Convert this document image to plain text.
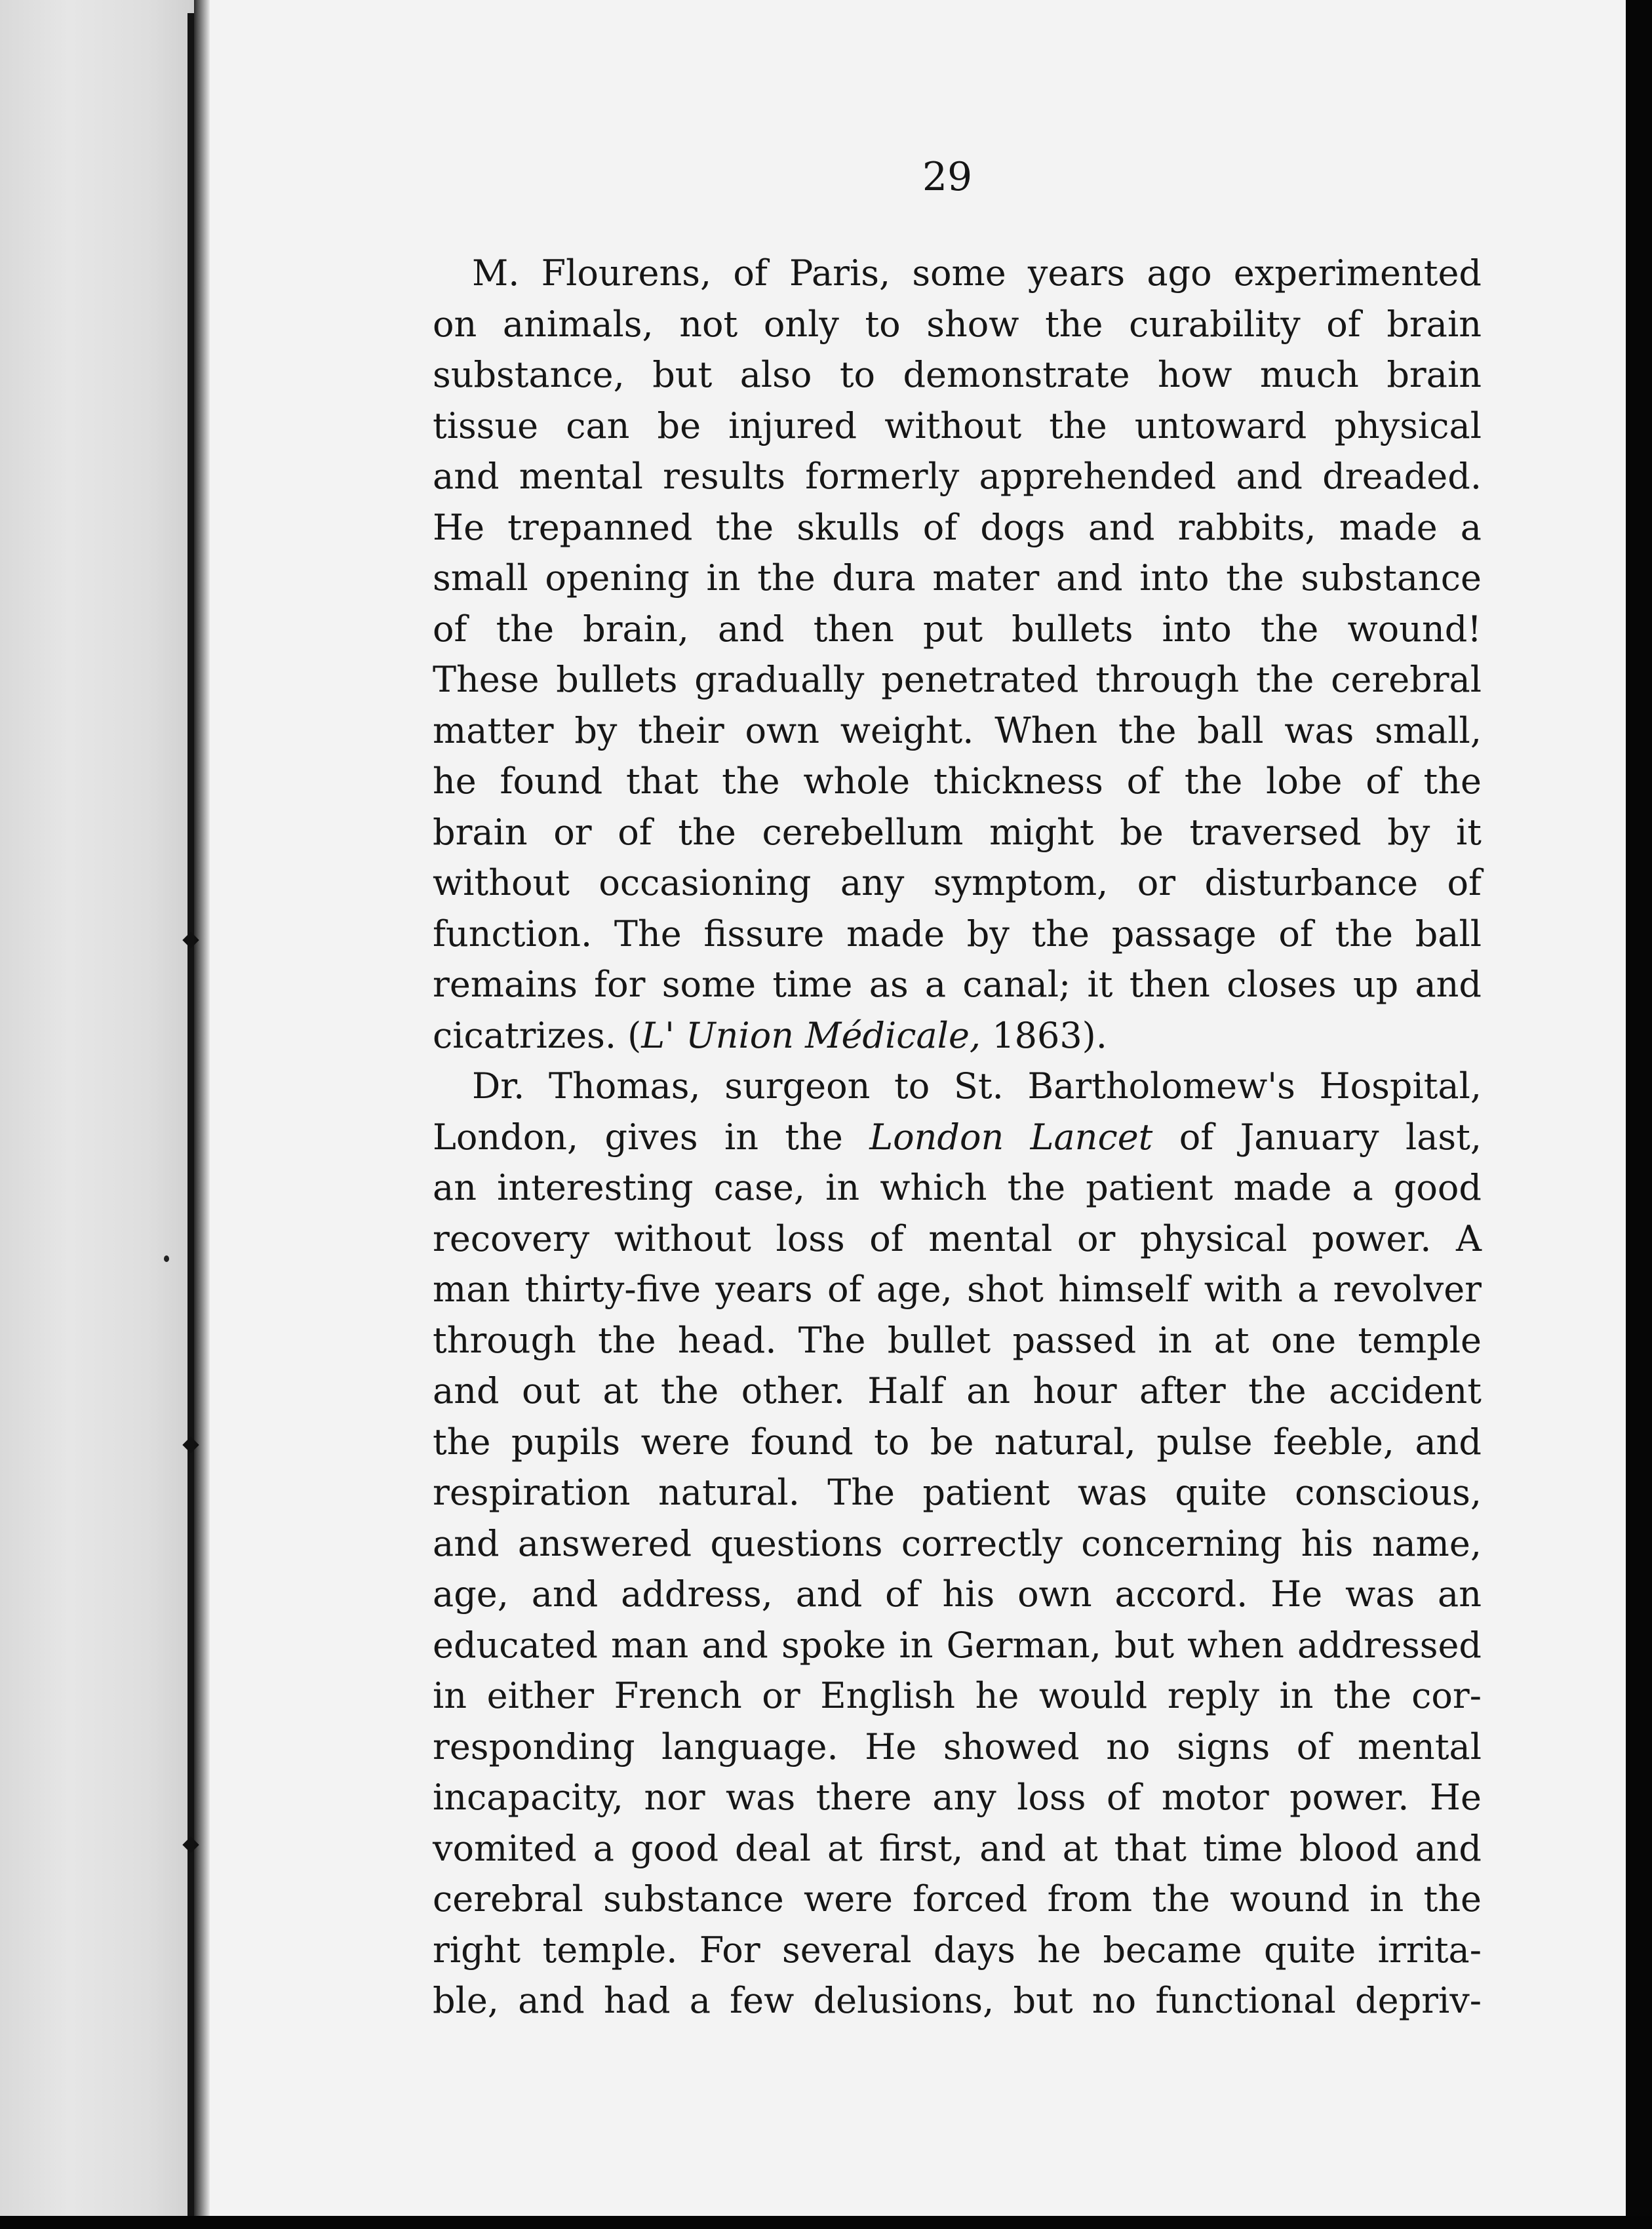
29
M. Flourens, of Paris, some years ago experimented
on animals, not only to show the curability of brain
substance, but also to demonstrate how much brain
tissue can be injured without the untoward physical
and mental results formerly apprehended and dreaded.
He trepanned the skulls of dogs and rabbits, made a
small opening in the dura mater and into the substance
of the brain, and then put bullets into the wound!
These bullets gradually penetrated through the cerebral
matter by their own weight. When the ball was small,
he found that the whole thickness of the lobe of the
brain or of the cerebellum might be traversed by it
without occasioning any symptom, or disturbance of
function. The fissure made by the passage of the ball
remains for some time as a canal; it then closes up and
cicatrizes. (L' Union Médicale, 1863).
Dr. Thomas, surgeon to St. Bartholomew's Hospital,
London, gives in the London Lancet of January last,
an interesting case, in which the patient made a good
recovery without loss of mental or physical power. A
man thirty-five years of age, shot himself with a revolver
through the head. The bullet passed in at one temple
and out at the other. Half an hour after the accident
the pupils were found to be natural, pulse feeble, and
respiration natural. The patient was quite conscious,
and answered questions correctly concerning his name,
age, and address, and of his own accord. He was an
educated man and spoke in German, but when addressed
in either French or English he would reply in the cor-
responding language. He showed no signs of mental
incapacity, nor was there any loss of motor power. He
vomited a good deal at first, and at that time blood and
cerebral substance were forced from the wound in the
right temple. For several days he became quite irrita-
ble, and had a few delusions, but no functional depriv-
